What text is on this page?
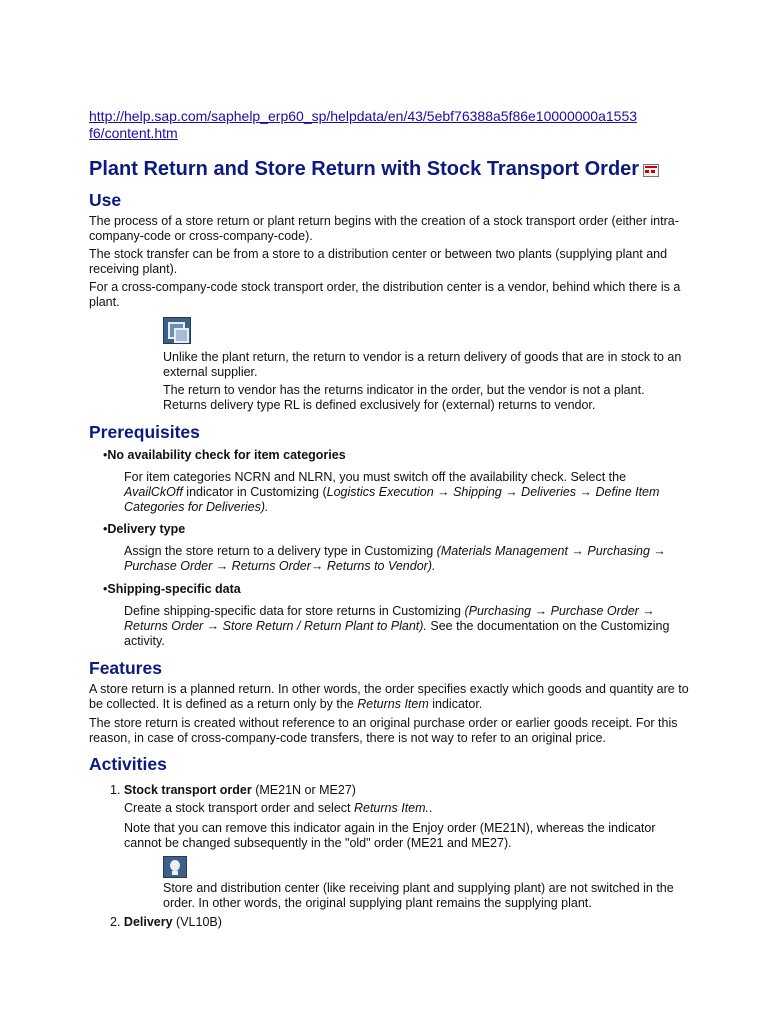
http://help.sap.com/saphelp_erp60_sp/helpdata/en/43/5ebf76388a5f86e10000000a1553
f6/content.htm
Plant Return and Store Return with Stock Transport Order
Use

The process of a store return or plant return begins with the creation of a stock transport order (either intra-company-code or cross-company-code).

The stock transfer can be from a store to a distribution center or between two plants (supplying plant and receiving plant).

For a cross-company-code stock transport order, the distribution center is a vendor, behind which there is a plant.

Unlike the plant return, the return to vendor is a return delivery of goods that are in stock to an external supplier.

The return to vendor has the returns indicator in the order, but the vendor is not a plant. Returns delivery type RL is defined exclusively for (external) returns to vendor.

Prerequisites

•No availability check for item categories

For item categories NCRN and NLRN, you must switch off the availability check. Select the AvailCkOff indicator in Customizing (Logistics Execution → Shipping → Deliveries → Define Item Categories for Deliveries).

•Delivery type

Assign the store return to a delivery type in Customizing (Materials Management → Purchasing → Purchase Order → Returns Order→ Returns to Vendor).

•Shipping-specific data

Define shipping-specific data for store returns in Customizing (Purchasing → Purchase Order → Returns Order → Store Return / Return Plant to Plant). See the documentation on the Customizing activity.

Features

A store return is a planned return. In other words, the order specifies exactly which goods and quantity are to be collected. It is defined as a return only by the Returns Item indicator.

The store return is created without reference to an original purchase order or earlier goods receipt. For this reason, in case of cross-company-code transfers, there is not way to refer to an original price.

Activities

1. Stock transport order (ME21N or ME27)

Create a stock transport order and select Returns Item..

Note that you can remove this indicator again in the Enjoy order (ME21N), whereas the indicator cannot be changed subsequently in the "old" order (ME21 and ME27).

Store and distribution center (like receiving plant and supplying plant) are not switched in the order. In other words, the original supplying plant remains the supplying plant.

2. Delivery (VL10B)
